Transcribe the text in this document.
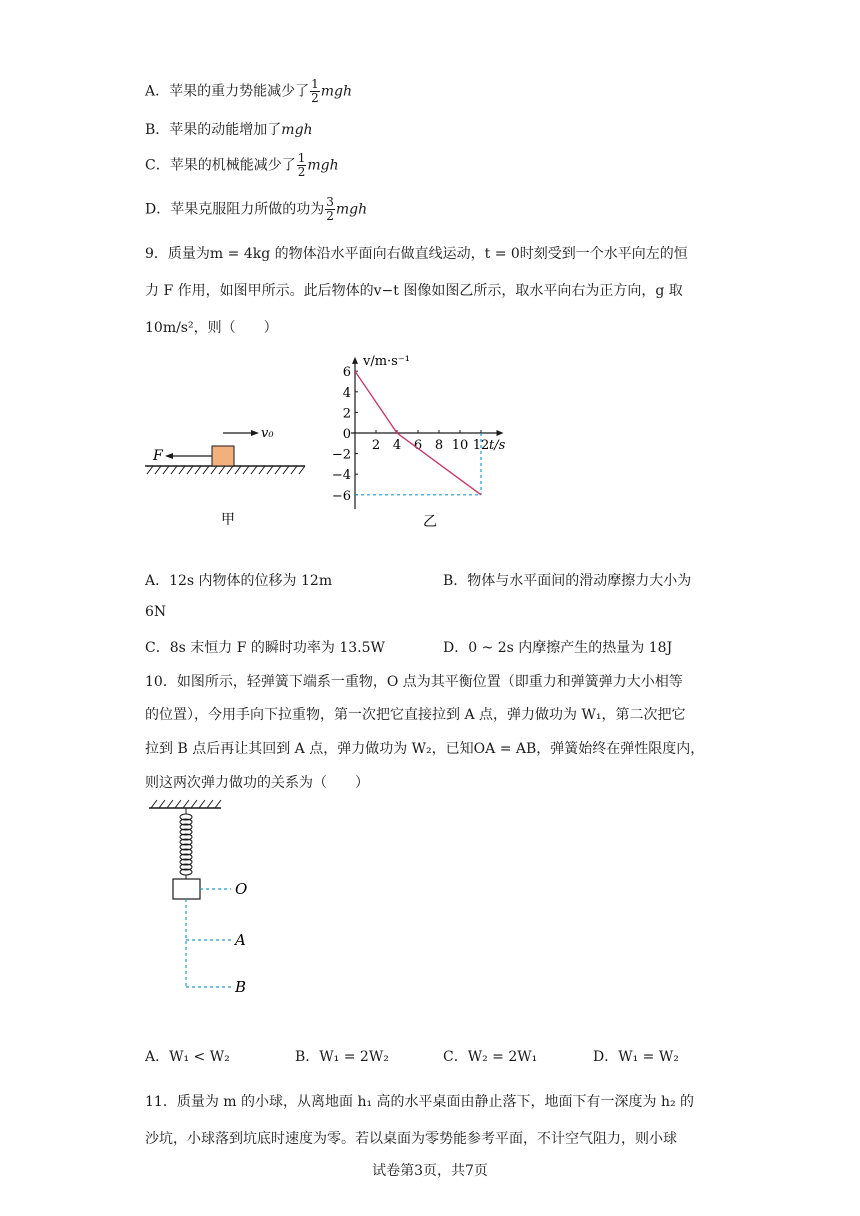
A．苹果的重力势能减少了 $\frac{1}{2}$ mgh
B．苹果的动能增加了mgh
C．苹果的机械能减少了 $\frac{1}{2}$ mgh
D．苹果克服阻力所做的功为 $\frac{3}{2}$ mgh
9．质量为m = 4kg 的物体沿水平面向右做直线运动，t = 0时刻受到一个水平向左的恒
力 F 作用，如图甲所示。此后物体的v−t 图像如图乙所示，取水平向右为正方向，g 取
10m/s²，则（　　）
F
v₀
甲
v/m·s⁻¹
t/s
2 4 6 8 10 12
6
4
2
0
−2
−4
−6
乙
A．12s 内物体的位移为 12m	B．物体与水平面间的滑动摩擦力大小为
6N
C．8s 末恒力 F 的瞬时功率为 13.5W	D．0 ~ 2s 内摩擦产生的热量为 18J
10．如图所示，轻弹簧下端系一重物，O 点为其平衡位置（即重力和弹簧弹力大小相等
的位置），今用手向下拉重物，第一次把它直接拉到 A 点，弹力做功为 W₁，第二次把它
拉到 B 点后再让其回到 A 点，弹力做功为 W₂，已知OA = AB，弹簧始终在弹性限度内，
则这两次弹力做功的关系为（　　）
O
A
B
A．W₁ < W₂	B．W₁ = 2W₂	C．W₂ = 2W₁	D．W₁ = W₂
11．质量为 m 的小球，从离地面 h₁ 高的水平桌面由静止落下，地面下有一深度为 h₂ 的
沙坑，小球落到坑底时速度为零。若以桌面为零势能参考平面，不计空气阻力，则小球
试卷第3页，共7页
